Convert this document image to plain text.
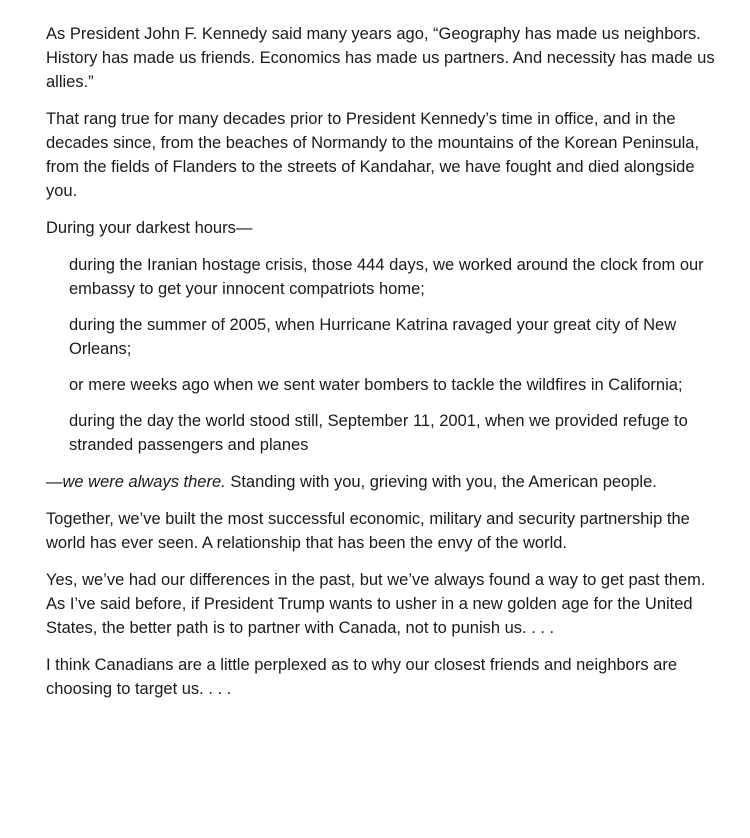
As President John F. Kennedy said many years ago, “Geography has made us neighbors. History has made us friends. Economics has made us partners. And necessity has made us allies.”

That rang true for many decades prior to President Kennedy’s time in office, and in the decades since, from the beaches of Normandy to the mountains of the Korean Peninsula, from the fields of Flanders to the streets of Kandahar, we have fought and died alongside you.

During your darkest hours—

during the Iranian hostage crisis, those 444 days, we worked around the clock from our embassy to get your innocent compatriots home;

during the summer of 2005, when Hurricane Katrina ravaged your great city of New Orleans;

or mere weeks ago when we sent water bombers to tackle the wildfires in California;

during the day the world stood still, September 11, 2001, when we provided refuge to stranded passengers and planes

—we were always there. Standing with you, grieving with you, the American people.

Together, we’ve built the most successful economic, military and security partnership the world has ever seen. A relationship that has been the envy of the world.

Yes, we’ve had our differences in the past, but we’ve always found a way to get past them. As I’ve said before, if President Trump wants to usher in a new golden age for the United States, the better path is to partner with Canada, not to punish us. . . .

I think Canadians are a little perplexed as to why our closest friends and neighbors are choosing to target us. . . .
